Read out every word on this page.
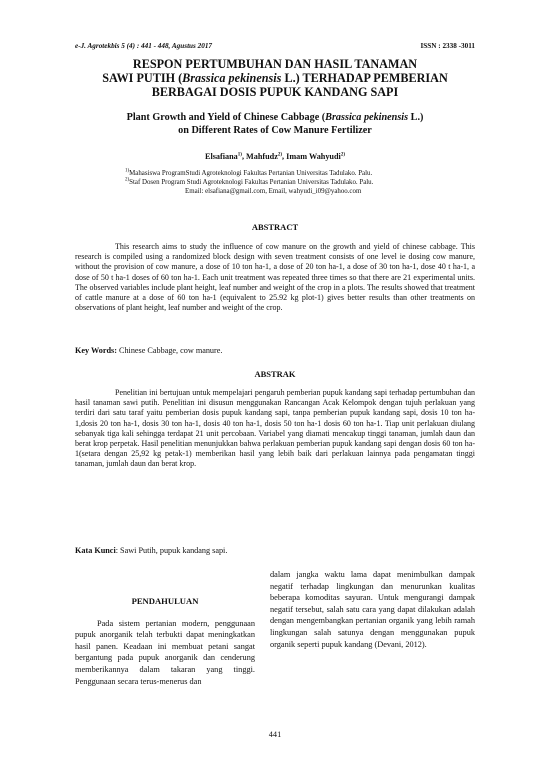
e-J. Agrotekbis 5 (4) : 441 - 448, Agustus 2017	ISSN : 2338 -3011
RESPON PERTUMBUHAN DAN HASIL TANAMAN
SAWI PUTIH (Brassica pekinensis L.) TERHADAP PEMBERIAN
BERBAGAI DOSIS PUPUK KANDANG SAPI
Plant Growth and Yield of Chinese Cabbage (Brassica pekinensis L.)
on Different Rates of Cow Manure Fertilizer
Elsafiana$^{1)}$, Mahfudz$^{2)}$, Imam Wahyudi$^{2)}$
$^{1)}$Mahasiswa ProgramStudi Agroteknologi Fakultas Pertanian Universitas Tadulako. Palu.
$^{2)}$Staf Dosen Program Studi Agroteknologi Fakultas Pertanian Universitas Tadulako. Palu.
Email: elsafiana@gmail.com, Email, wahyudi_i09@yahoo.com
ABSTRACT
This research aims to study the influence of cow manure on the growth and yield of chinese cabbage. This research is compiled using a randomized block design with seven treatment consists of one level ie dosing cow manure, without the provision of cow manure, a dose of 10 ton ha-1, a dose of 20 ton ha-1, a dose of 30 ton ha-1, dose 40 t ha-1, a dose of 50 t ha-1 doses of 60 ton ha-1. Each unit treatment was repeated three times so that there are 21 experimental units. The observed variables include plant height, leaf number and weight of the crop in a plots. The results showed that treatment of cattle manure at a dose of 60 ton ha-1 (equivalent to 25.92 kg plot-1) gives better results than other treatments on observations of plant height, leaf number and weight of the crop.
Key Words: Chinese Cabbage, cow manure.
ABSTRAK
Penelitian ini bertujuan untuk mempelajari pengaruh pemberian pupuk kandang sapi terhadap pertumbuhan dan hasil tanaman sawi putih. Penelitian ini disusun menggunakan Rancangan Acak Kelompok dengan tujuh perlakuan yang terdiri dari satu taraf yaitu pemberian dosis pupuk kandang sapi, tanpa pemberian pupuk kandang sapi, dosis 10 ton ha-1,dosis 20 ton ha-1, dosis 30 ton ha-1, dosis 40 ton ha-1, dosis 50 ton ha-1 dosis 60 ton ha-1. Tiap unit perlakuan diulang sebanyak tiga kali sehingga terdapat 21 unit percobaan. Variabel yang diamati mencakup tinggi tanaman, jumlah daun dan berat krop perpetak. Hasil penelitian menunjukkan bahwa perlakuan pemberian pupuk kandang sapi dengan dosis 60 ton ha-1(setara dengan 25,92 kg petak-1) memberikan hasil yang lebih baik dari perlakuan lainnya pada pengamatan tinggi tanaman, jumlah daun dan berat krop.
Kata Kunci: Sawi Putih, pupuk kandang sapi.
PENDAHULUAN
Pada sistem pertanian modern, penggunaan pupuk anorganik telah terbukti dapat meningkatkan hasil panen. Keadaan ini membuat petani sangat bergantung pada pupuk anorganik dan cenderung memberikannya dalam takaran yang tinggi. Penggunaan secara terus-menerus dan
dalam jangka waktu lama dapat menimbulkan dampak negatif terhadap lingkungan dan menurunkan kualitas beberapa komoditas sayuran. Untuk mengurangi dampak negatif tersebut, salah satu cara yang dapat dilakukan adalah dengan mengembangkan pertanian organik yang lebih ramah lingkungan salah satunya dengan menggunakan pupuk organik seperti pupuk kandang (Devani, 2012).
441
